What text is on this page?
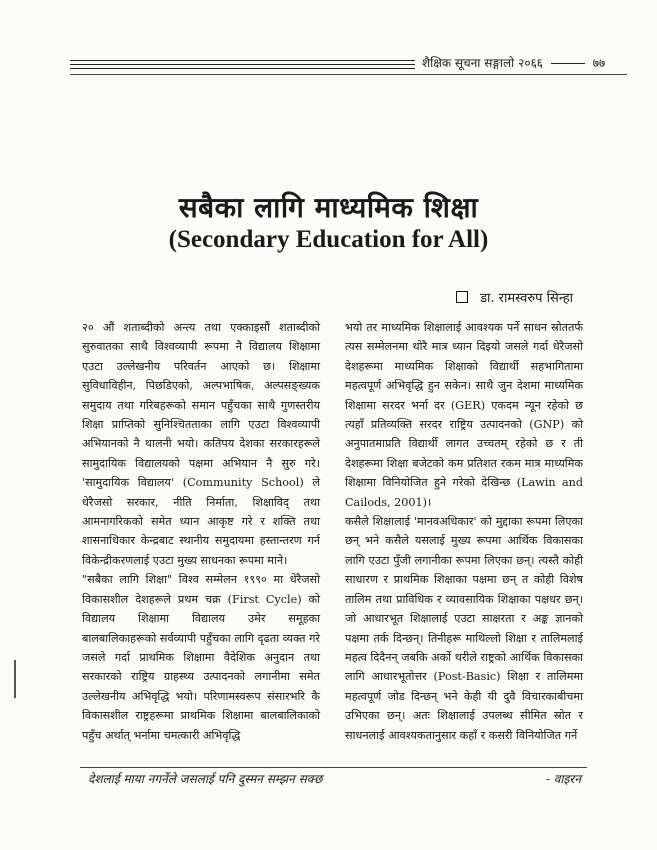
शैक्षिक सूचना सङ्गालो २०६६	७७
सबैका लागि माध्यमिक शिक्षा
(Secondary Education for All)
डा. रामस्वरुप सिन्हा

२० औं शताब्दीको अन्त्य तथा एक्काइसौं शताब्दीको सुरुवातका साथै विश्वव्यापी रूपमा नै विद्यालय शिक्षामा एउटा उल्लेखनीय परिवर्तन आएको छ। शिक्षामा सुविधाविहीन, पिछडिएको, अल्पभाषिक, अल्पसङ्ख्यक समुदाय तथा गरिबहरूको समान पहुँचका साथै गुणस्तरीय शिक्षा प्राप्तिको सुनिश्चितताका लागि एउटा विश्वव्यापी अभियानको नै थालनी भयो। कतिपय देशका सरकारहरूले सामुदायिक विद्यालयको पक्षमा अभियान नै सुरु गरे। 'सामुदायिक विद्यालय' (Community School) ले धेरैजसो सरकार, नीति निर्माता, शिक्षाविद् तथा आमनागरिकको समेत ध्यान आकृष्ट गरे र शक्ति तथा शासनाधिकार केन्द्रबाट स्थानीय समुदायमा हस्तान्तरण गर्न विकेन्द्रीकरणलाई एउटा मुख्य साधनका रूपमा माने।

"सबैका लागि शिक्षा" विश्व सम्मेलन १९९० मा धेरैजसो विकासशील देशहरूले प्रथम चक्र (First Cycle) को विद्यालय शिक्षामा विद्यालय उमेर समूहका बालबालिकाहरूको सर्वव्यापी पहुँचका लागि दृढता व्यक्त गरे जसले गर्दा प्राथमिक शिक्षामा वैदेशिक अनुदान तथा सरकारको राष्ट्रिय ग्राहस्थ्य उत्पादनको लगानीमा समेत उल्लेखनीय अभिवृद्धि भयो। परिणामस्वरूप संसारभरि कै विकासशील राष्ट्रहरूमा प्राथमिक शिक्षामा बालबालिकाको पहुँच अर्थात् भर्नामा चमत्कारी अभिवृद्धि

भयो तर माध्यमिक शिक्षालाई आवश्यक पर्ने साधन स्रोततर्फ त्यस सम्मेलनमा थोरै मात्र ध्यान दिइयो जसले गर्दा धेरैजसो देशहरूमा माध्यमिक शिक्षाको विद्यार्थी सहभागितामा महत्वपूर्ण अभिवृद्धि हुन सकेन। साथै जुन देशमा माध्यमिक शिक्षामा सरदर भर्ना दर (GER) एकदम न्यून रहेको छ त्यहाँ प्रतिव्यक्ति सरदर राष्ट्रिय उत्पादनको (GNP) को अनुपातमाप्रति विद्यार्थी लागत उच्चतम् रहेको छ र ती देशहरूमा शिक्षा बजेटको कम प्रतिशत रकम मात्र माध्यमिक शिक्षामा विनियोजित हुने गरेको देखिन्छ (Lawin and Cailods, 2001)।

कसैले शिक्षालाई 'मानवअधिकार' को मुद्दाका रूपमा लिएका छन् भने कसैले यसलाई मुख्य रूपमा आर्थिक विकासका लागि एउटा पुँजी लगानीका रूपमा लिएका छन्। त्यस्तै कोही साधारण र प्राथमिक शिक्षाका पक्षमा छन् त कोही विशेष तालिम तथा प्राविधिक र व्यावसायिक शिक्षाका पक्षधर छन्। जो आधारभूत शिक्षालाई एउटा साक्षरता र अङ्क ज्ञानको पक्षमा तर्क दिन्छन्। तिनीहरू माथिल्लो शिक्षा र तालिमलाई महत्व दिदैनन् जबकि अर्को थरीले राष्ट्रको आर्थिक विकासका लागि आधारभूतोत्तर (Post-Basic) शिक्षा र तालिममा महत्वपूर्ण जोड दिन्छन् भने केही यी दुवै विचारकाबीचमा उभिएका छन्। अतः शिक्षालाई उपलब्ध सीमित स्रोत र साधनलाई आवश्यकतानुसार कहाँ र कसरी विनियोजित गर्ने

देशलाई माया नगर्नेले जसलाई पनि दुस्मन सम्झन सक्छ	- वाइरन
